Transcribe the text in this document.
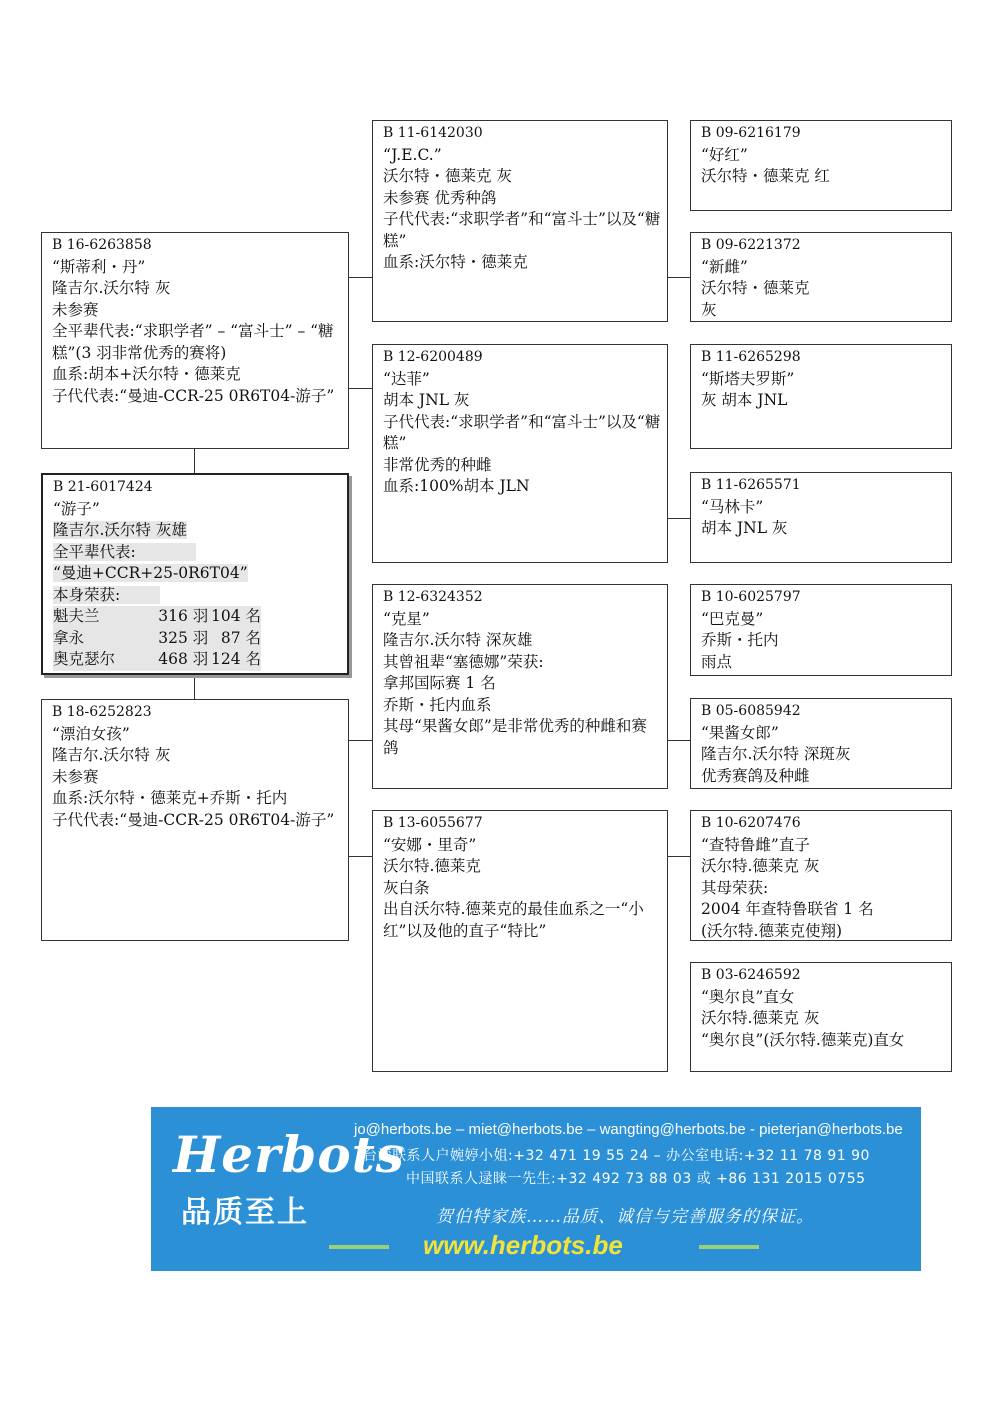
B 16-6263858
“斯蒂利・丹”
隆吉尔.沃尔特 灰
未参赛
全平辈代表:“求职学者” – “富斗士” – “糖糕”(3 羽非常优秀的赛将)
血系:胡本+沃尔特・德莱克
子代代表:“曼迪-CCR-25 0R6T04-游子”
B 21-6017424
“游子”
隆吉尔.沃尔特 灰雄
全平辈代表:
“曼迪+CCR+25-0R6T04”
本身荣获:
魁夫兰	316 羽 104 名
拿永	325 羽 87 名
奥克瑟尔	468 羽 124 名
B 18-6252823
“漂泊女孩”
隆吉尔.沃尔特 灰
未参赛
血系:沃尔特・德莱克+乔斯・托内
子代代表:“曼迪-CCR-25 0R6T04-游子”
B 11-6142030
“J.E.C.”
沃尔特・德莱克 灰
未参赛 优秀种鸽
子代代表:“求职学者”和“富斗士”以及“糖糕”
血系:沃尔特・德莱克
B 12-6200489
“达菲”
胡本 JNL 灰
子代代表:“求职学者”和“富斗士”以及“糖糕”
非常优秀的种雌
血系:100%胡本 JLN
B 12-6324352
“克星”
隆吉尔.沃尔特 深灰雄
其曾祖辈“塞德娜”荣获:
拿邦国际赛 1 名
乔斯・托内血系
其母“果酱女郎”是非常优秀的种雌和赛鸽
B 13-6055677
“安娜・里奇”
沃尔特.德莱克
灰白条
出自沃尔特.德莱克的最佳血系之一“小红”以及他的直子“特比”
B 09-6216179
“好红”
沃尔特・德莱克 红
B 09-6221372
“新雌”
沃尔特・德莱克
灰
B 11-6265298
“斯塔夫罗斯”
灰 胡本 JNL
B 11-6265571
“马林卡”
胡本 JNL 灰
B 10-6025797
“巴克曼”
乔斯・托内
雨点
B 05-6085942
“果酱女郎”
隆吉尔.沃尔特 深斑灰
优秀赛鸽及种雌
B 10-6207476
“查特鲁雌”直子
沃尔特.德莱克 灰
其母荣获:
2004 年查特鲁联省 1 名
(沃尔特.德莱克使翔)
B 03-6246592
“奥尔良”直女
沃尔特.德莱克 灰
“奥尔良”(沃尔特.德莱克)直女
Herbots
品质至上
jo@herbots.be – miet@herbots.be – wangting@herbots.be - pieterjan@herbots.be
台湾联系人户婉婷小姐:+32 471 19 55 24 – 办公室电话:+32 11 78 91 90
中国联系人逯睐一先生:+32 492 73 88 03 或 +86 131 2015 0755
贺伯特家族……品质、诚信与完善服务的保证。
www.herbots.be
